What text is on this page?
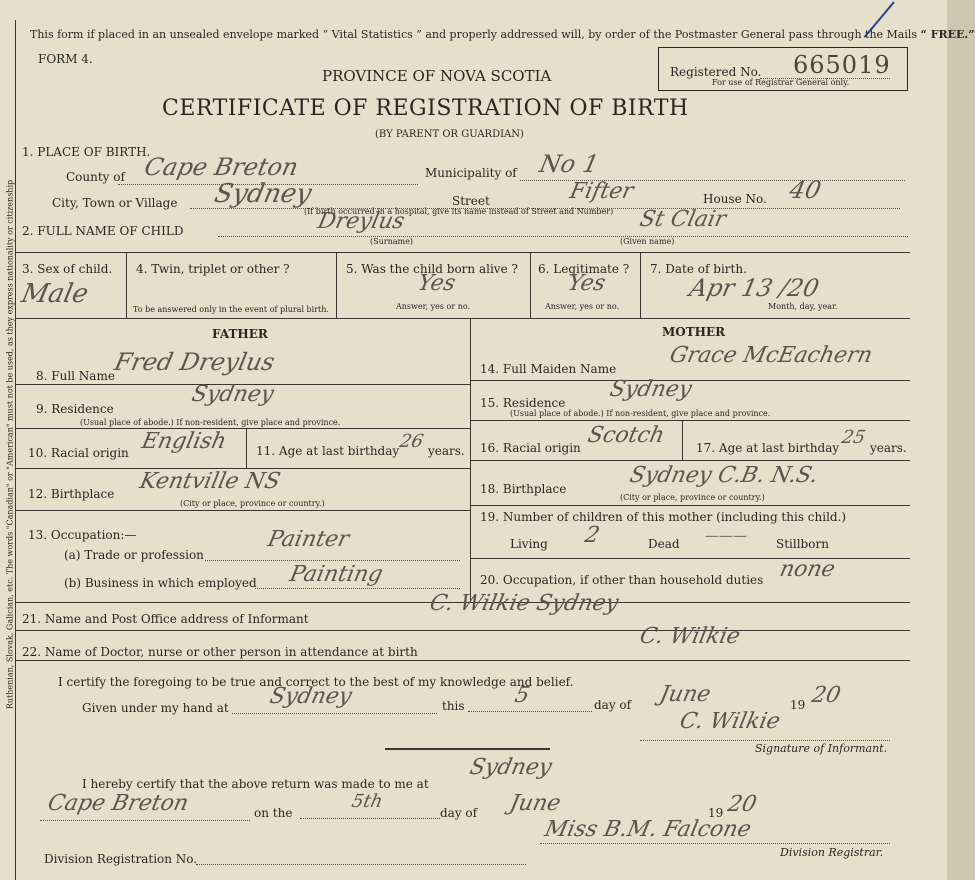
Ruthenian, Slovak, Galician, etc. The words "Canadian" or "American" must not be used, as they express nationality or citizenship
This form if placed in an unsealed envelope marked “ Vital Statistics ” and properly addressed will, by order of the Postmaster General pass through the Mails “ FREE.”
FORM 4.
Registered No. 665019
For use of Registrar General only.
PROVINCE OF NOVA SCOTIA
CERTIFICATE OF REGISTRATION OF BIRTH
(BY PARENT OR GUARDIAN)
1. PLACE OF BIRTH.
County of Cape Breton	Municipality of No 1
City, Town or Village Sydney	Street	Fifter	House No. 40
(If birth occurred in a hospital, give its name instead of Street and Number)
2. FULL NAME OF CHILD	Dreylus
(Surname)
St Clair
(Given name)
3. Sex of child.
Male
4. Twin, triplet or other ?
To be answered only in the event of plural birth.
5. Was the child born alive ?
Yes
Answer, yes or no.
6. Legitimate ?
Yes
Answer, yes or no.
7. Date of birth.
Apr 13 /20
Month, day, year.
FATHER	MOTHER
8. Full Name
Fred Dreylus
9. Residence
Sydney
(Usual place of abode.) If non-resident, give place and province.
10. Racial origin English 11. Age at last birthday
26 years.
12. Birthplace Kentville NS
(City or place, province or country.)
13. Occupation:—
(a) Trade or profession
Painter
(b) Business in which employed Painting
14. Full Maiden Name
Grace McEachern
15. Residence
Sydney
(Usual place of abode.) If non-resident, give place and province.
16. Racial origin Scotch 17. Age at last birthday 25 years.
18. Birthplace
Sydney C.B. N.S.
(City or place, province or country.)
19. Number of children of this mother (including this child.)
Living 2	Dead ——— Stillborn
20. Occupation, if other than household duties none
21. Name and Post Office address of Informant
C. Wilkie Sydney
22. Name of Doctor, nurse or other person in attendance at birth
C. Wilkie
I certify the foregoing to be true and correct to the best of my knowledge and belief.
Given under my hand at Sydney	this 5	day of June	19 20
C. Wilkie
Signature of Informant.
I hereby certify that the above return was made to me at
Sydney
Cape Breton	on the
5th
day of June	19 20
Miss B.M. Falcone
Division Registrar.
Division Registration No.
